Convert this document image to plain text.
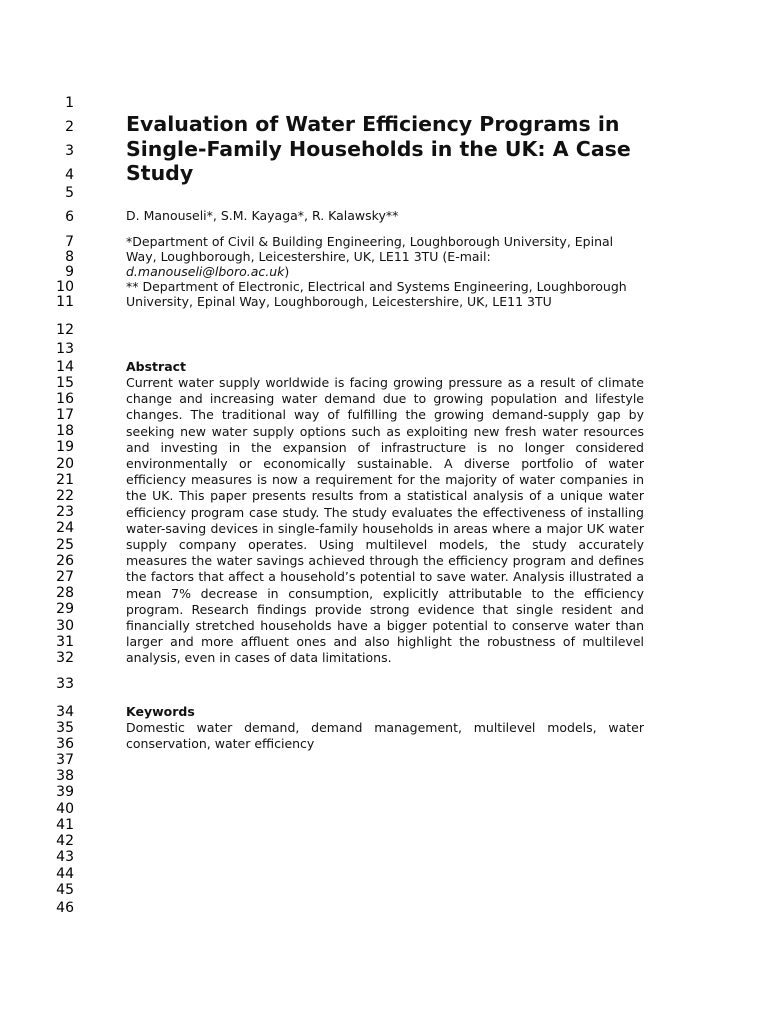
1
2
3
4
5
6
7
8
9
10
11
12
13
14
15
16
17
18
19
20
21
22
23
24
25
26
27
28
29
30
31
32
33
34
35
36
37
38
39
40
41
42
43
44
45
46
Evaluation of Water Efficiency Programs in Single-Family Households in the UK: A Case Study
D. Manouseli*, S.M. Kayaga*, R. Kalawsky**
*Department of Civil & Building Engineering, Loughborough University, Epinal Way, Loughborough, Leicestershire, UK, LE11 3TU (E-mail: d.manouseli@lboro.ac.uk)
** Department of Electronic, Electrical and Systems Engineering, Loughborough University, Epinal Way, Loughborough, Leicestershire, UK, LE11 3TU
Abstract

Current water supply worldwide is facing growing pressure as a result of climate change and increasing water demand due to growing population and lifestyle changes. The traditional way of fulfilling the growing demand-supply gap by seeking new water supply options such as exploiting new fresh water resources and investing in the expansion of infrastructure is no longer considered environmentally or economically sustainable. A diverse portfolio of water efficiency measures is now a requirement for the majority of water companies in the UK. This paper presents results from a statistical analysis of a unique water efficiency program case study. The study evaluates the effectiveness of installing water-saving devices in single-family households in areas where a major UK water supply company operates. Using multilevel models, the study accurately measures the water savings achieved through the efficiency program and defines the factors that affect a household’s potential to save water. Analysis illustrated a mean 7% decrease in consumption, explicitly attributable to the efficiency program. Research findings provide strong evidence that single resident and financially stretched households have a bigger potential to conserve water than larger and more affluent ones and also highlight the robustness of multilevel analysis, even in cases of data limitations.

Keywords

Domestic water demand, demand management, multilevel models, water conservation, water efficiency
